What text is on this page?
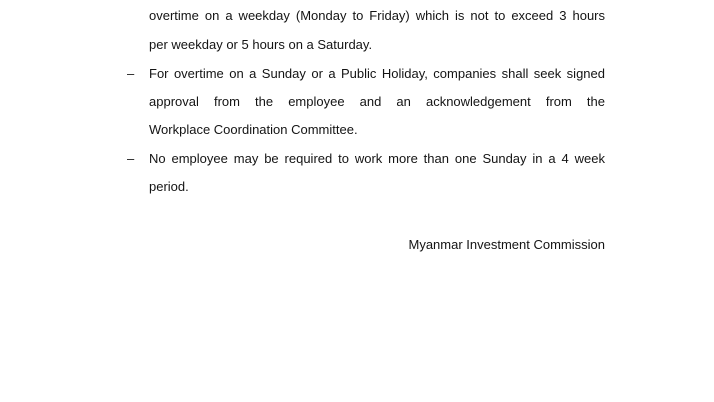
overtime on a weekday (Monday to Friday) which is not to exceed 3 hours
per weekday or 5 hours on a Saturday.
– For overtime on a Sunday or a Public Holiday, companies shall seek signed
approval from the employee and an acknowledgement from the
Workplace Coordination Committee.
– No employee may be required to work more than one Sunday in a 4 week
period.
Myanmar Investment Commission
